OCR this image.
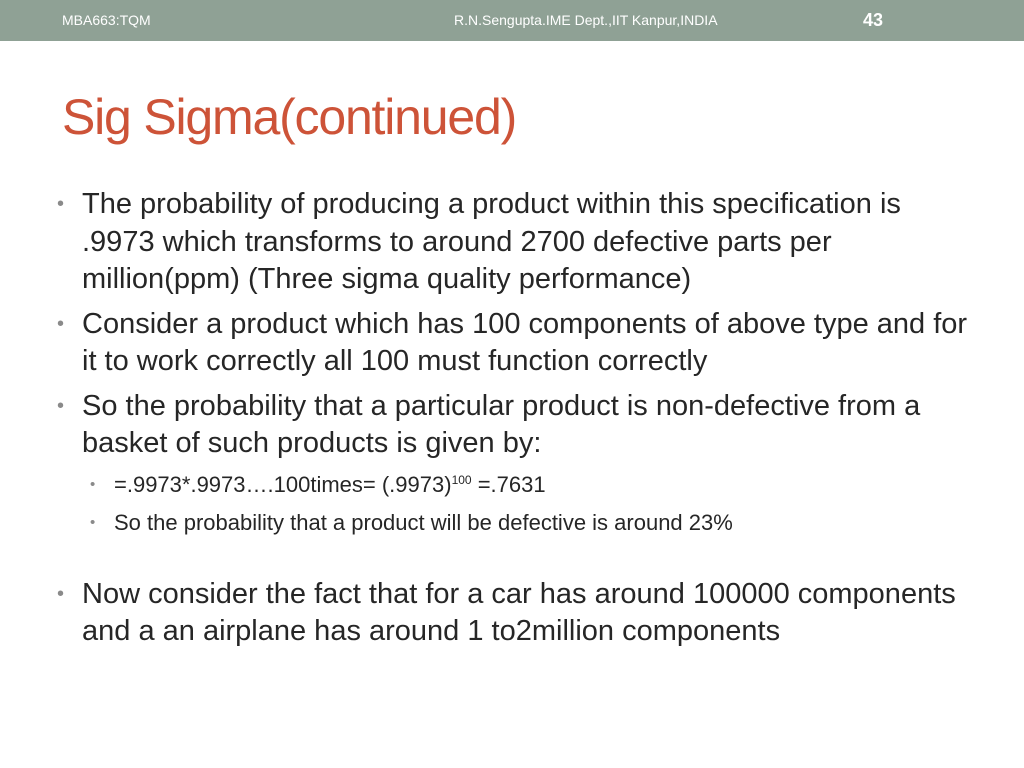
MBA663:TQM	R.N.Sengupta.IME Dept.,IIT Kanpur,INDIA	43
Sig Sigma(continued)
• The probability of producing a product within this specification is .9973 which transforms to around 2700 defective parts per million(ppm) (Three sigma quality performance)
• Consider a product which has 100 components of above type and for it to work correctly all 100 must function correctly
• So the probability that a particular product is non-defective from a basket of such products is given by:
• =.9973*.9973….100times= $(.9973)^{100} =.7631$
• So the probability that a product will be defective is around 23%
• Now consider the fact that for a car has around 100000 components and a an airplane has around 1 to2million components
